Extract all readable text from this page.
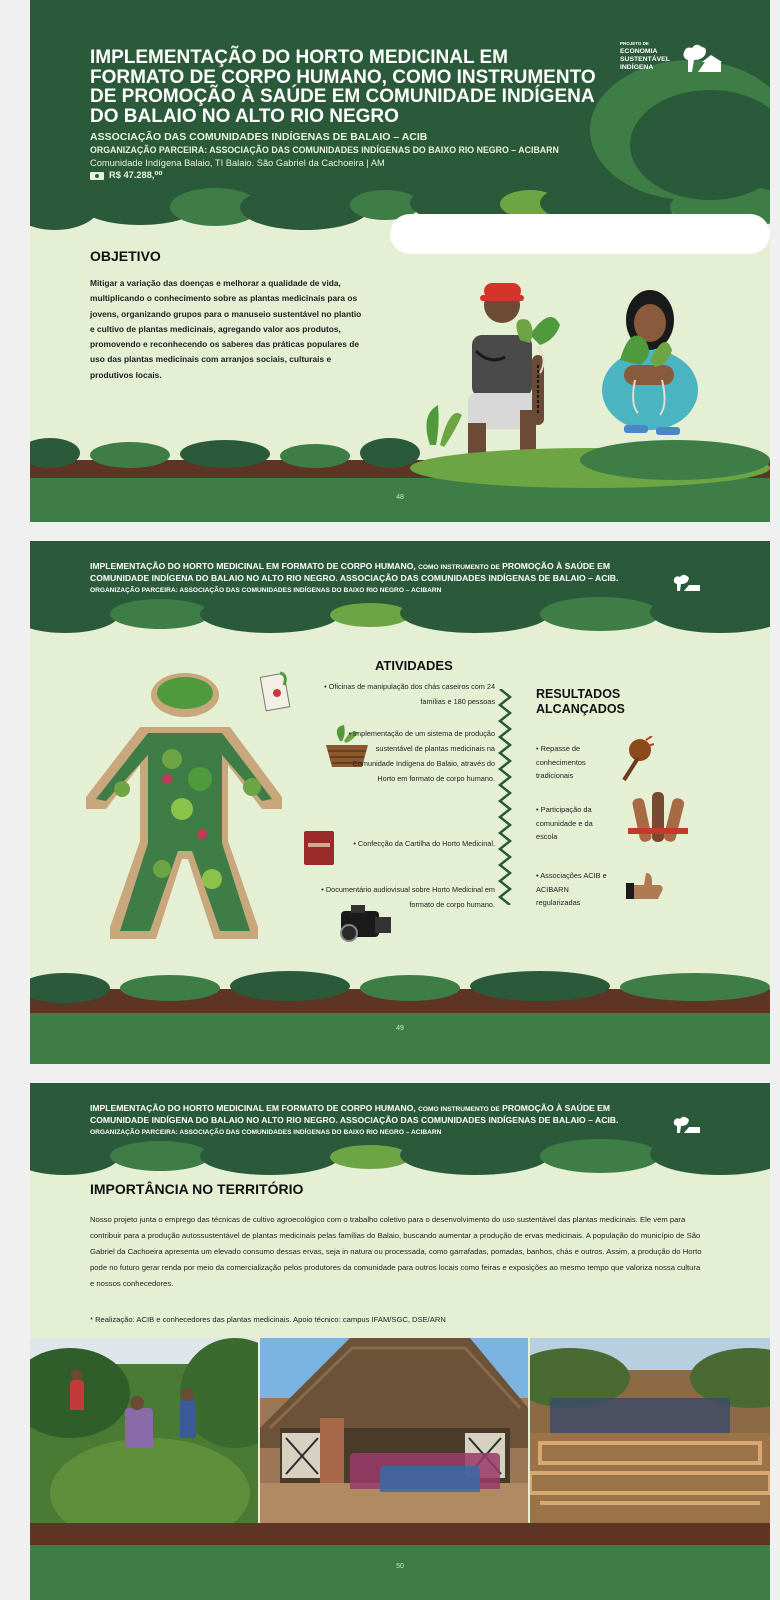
IMPLEMENTAÇÃO DO HORTO MEDICINAL EM FORMATO DE CORPO HUMANO, COMO INSTRUMENTO DE PROMOÇÃO À SAÚDE EM COMUNIDADE INDÍGENA DO BALAIO NO ALTO RIO NEGRO
ASSOCIAÇÃO DAS COMUNIDADES INDÍGENAS DE BALAIO – ACIB
ORGANIZAÇÃO PARCEIRA: ASSOCIAÇÃO DAS COMUNIDADES INDÍGENAS DO BAIXO RIO NEGRO – ACIBARN
Comunidade Indígena Balaio, TI Balaio. São Gabriel da Cachoeira | AM
R$ 47.288,⁰⁰
PROJETO DE
ECONOMIA
SUSTENTÁVEL
INDÍGENA
OBJETIVO
Mitigar a variação das doenças e melhorar a qualidade de vida, multiplicando o conhecimento sobre as plantas medicinais para os jovens, organizando grupos para o manuseio sustentável no plantio e cultivo de plantas medicinais, agregando valor aos produtos, promovendo e reconhecendo os saberes das práticas populares de uso das plantas medicinais com arranjos sociais, culturais e produtivos locais.
48
IMPLEMENTAÇÃO DO HORTO MEDICINAL EM FORMATO DE CORPO HUMANO, COMO INSTRUMENTO DE PROMOÇÃO À SAÚDE EM COMUNIDADE INDÍGENA DO BALAIO NO ALTO RIO NEGRO. ASSOCIAÇÃO DAS COMUNIDADES INDÍGENAS DE BALAIO – ACIB. ORGANIZAÇÃO PARCEIRA: ASSOCIAÇÃO DAS COMUNIDADES INDÍGENAS DO BAIXO RIO NEGRO – ACIBARN
ATIVIDADES
• Oficinas de manipulação dos chás caseiros com 24 famílias e 180 pessoas
• Implementação de um sistema de produção sustentável de plantas medicinais na Comunidade Indígena do Balaio, através do Horto em formato de corpo humano.
• Confecção da Cartilha do Horto Medicinal.
• Documentário audiovisual sobre Horto Medicinal em formato de corpo humano.
RESULTADOS ALCANÇADOS
• Repasse de conhecimentos tradicionais
• Participação da comunidade e da escola
• Associações ACIB e ACIBARN regularizadas
49
IMPLEMENTAÇÃO DO HORTO MEDICINAL EM FORMATO DE CORPO HUMANO, COMO INSTRUMENTO DE PROMOÇÃO À SAÚDE EM COMUNIDADE INDÍGENA DO BALAIO NO ALTO RIO NEGRO. ASSOCIAÇÃO DAS COMUNIDADES INDÍGENAS DE BALAIO – ACIB. ORGANIZAÇÃO PARCEIRA: ASSOCIAÇÃO DAS COMUNIDADES INDÍGENAS DO BAIXO RIO NEGRO – ACIBARN
IMPORTÂNCIA NO TERRITÓRIO
Nosso projeto junta o emprego das técnicas de cultivo agroecológico com o trabalho coletivo para o desenvolvimento do uso sustentável das plantas medicinais. Ele vem para contribuir para a produção autossustentável de plantas medicinais pelas famílias do Balaio, buscando aumentar a produção de ervas medicinais. A população do município de São Gabriel da Cachoeira apresenta um elevado consumo dessas ervas, seja in natura ou processada, como garrafadas, pomadas, banhos, chás e outros. Assim, a produção do Horto pode no futuro gerar renda por meio da comercialização pelos produtores da comunidade para outros locais como feiras e exposições ao mesmo tempo que valoriza nossa cultura e nossos conhecedores.
* Realização: ACIB e conhecedores das plantas medicinais. Apoio técnico: campus IFAM/SGC, DSE/ARN
50
